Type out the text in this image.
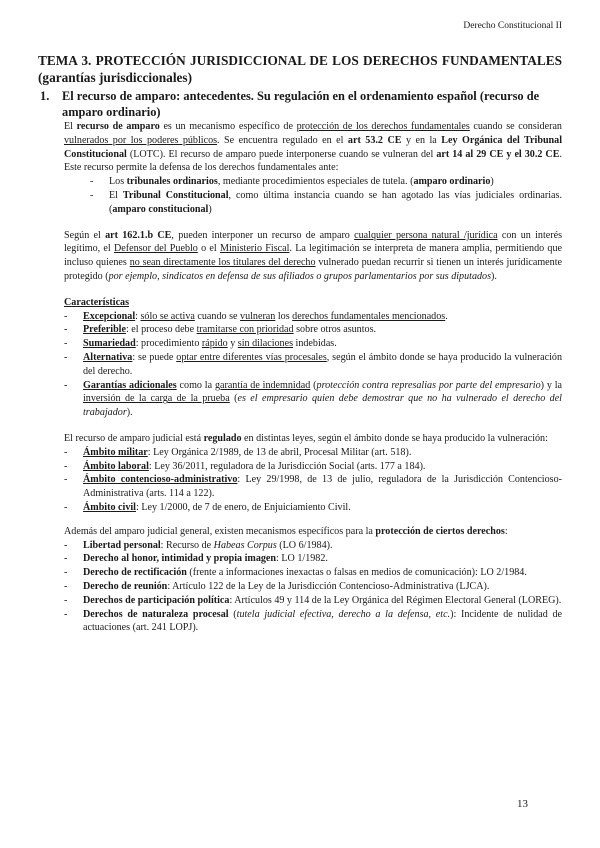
Derecho Constitucional II

TEMA 3. PROTECCIÓN JURISDICCIONAL DE LOS DERECHOS FUNDAMENTALES (garantías jurisdiccionales)

1.	El recurso de amparo: antecedentes. Su regulación en el ordenamiento español (recurso de amparo ordinario)

El recurso de amparo es un mecanismo específico de protección de los derechos fundamentales cuando se consideran vulnerados por los poderes públicos. Se encuentra regulado en el art 53.2 CE y en la Ley Orgánica del Tribunal Constitucional (LOTC). El recurso de amparo puede interponerse cuando se vulneran del art 14 al 29 CE y el 30.2 CE. Este recurso permite la defensa de los derechos fundamentales ante:

-	Los tribunales ordinarios, mediante procedimientos especiales de tutela. (amparo ordinario)
-	El Tribunal Constitucional, como última instancia cuando se han agotado las vías judiciales ordinarias. (amparo constitucional)

Según el art 162.1.b CE, pueden interponer un recurso de amparo cualquier persona natural /jurídica con un interés legítimo, el Defensor del Pueblo o el Ministerio Fiscal. La legitimación se interpreta de manera amplia, permitiendo que incluso quienes no sean directamente los titulares del derecho vulnerado puedan recurrir si tienen un interés jurídicamente protegido (por ejemplo, sindicatos en defensa de sus afiliados o grupos parlamentarios por sus diputados).

Características

-	Excepcional: sólo se activa cuando se vulneran los derechos fundamentales mencionados.
-	Preferible: el proceso debe tramitarse con prioridad sobre otros asuntos.
-	Sumariedad: procedimiento rápido y sin dilaciones indebidas.
-	Alternativa: se puede optar entre diferentes vías procesales, según el ámbito donde se haya producido la vulneración del derecho.
-	Garantías adicionales como la garantía de indemnidad (protección contra represalias por parte del empresario) y la inversión de la carga de la prueba (es el empresario quien debe demostrar que no ha vulnerado el derecho del trabajador).

El recurso de amparo judicial está regulado en distintas leyes, según el ámbito donde se haya producido la vulneración:

-	Ámbito militar: Ley Orgánica 2/1989, de 13 de abril, Procesal Militar (art. 518).
-	Ámbito laboral: Ley 36/2011, reguladora de la Jurisdicción Social (arts. 177 a 184).
-	Ámbito contencioso-administrativo: Ley 29/1998, de 13 de julio, reguladora de la Jurisdicción Contencioso-Administrativa (arts. 114 a 122).
-	Ámbito civil: Ley 1/2000, de 7 de enero, de Enjuiciamiento Civil.

Además del amparo judicial general, existen mecanismos específicos para la protección de ciertos derechos:

-	Libertad personal: Recurso de Habeas Corpus (LO 6/1984).
-	Derecho al honor, intimidad y propia imagen: LO 1/1982.
-	Derecho de rectificación (frente a informaciones inexactas o falsas en medios de comunicación): LO 2/1984.
-	Derecho de reunión: Artículo 122 de la Ley de la Jurisdicción Contencioso-Administrativa (LJCA).
-	Derechos de participación política: Artículos 49 y 114 de la Ley Orgánica del Régimen Electoral General (LOREG).
-	Derechos de naturaleza procesal (tutela judicial efectiva, derecho a la defensa, etc.): Incidente de nulidad de actuaciones (art. 241 LOPJ).
13
